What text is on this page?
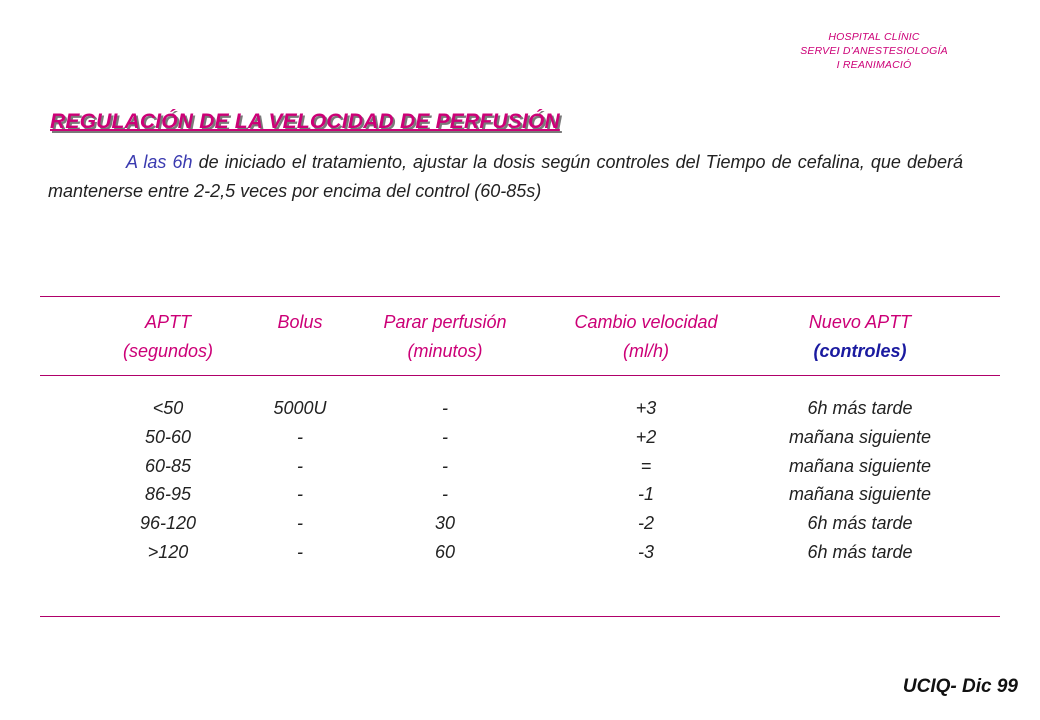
HOSPITAL CLÍNIC
SERVEI D'ANESTESIOLOGÍA
I REANIMACIÓ
REGULACIÓN DE LA VELOCIDAD DE PERFUSIÓN

A las 6h de iniciado el tratamiento, ajustar la dosis según controles del Tiempo de cefalina, que deberá mantenerse entre 2-2,5 veces por encima del control (60-85s)

APTT
(segundos)
<50
50-60
60-85
86-95
96-120
>120
Bolus
5000U
-
-
-
-
-
Parar perfusión
(minutos)
-
-
-
-
30
60
Cambio velocidad
(ml/h)
+3
+2
=
-1
-2
-3
Nuevo APTT
(controles)
6h más tarde
mañana siguiente
mañana siguiente
mañana siguiente
6h más tarde
6h más tarde
UCIQ- Dic 99
